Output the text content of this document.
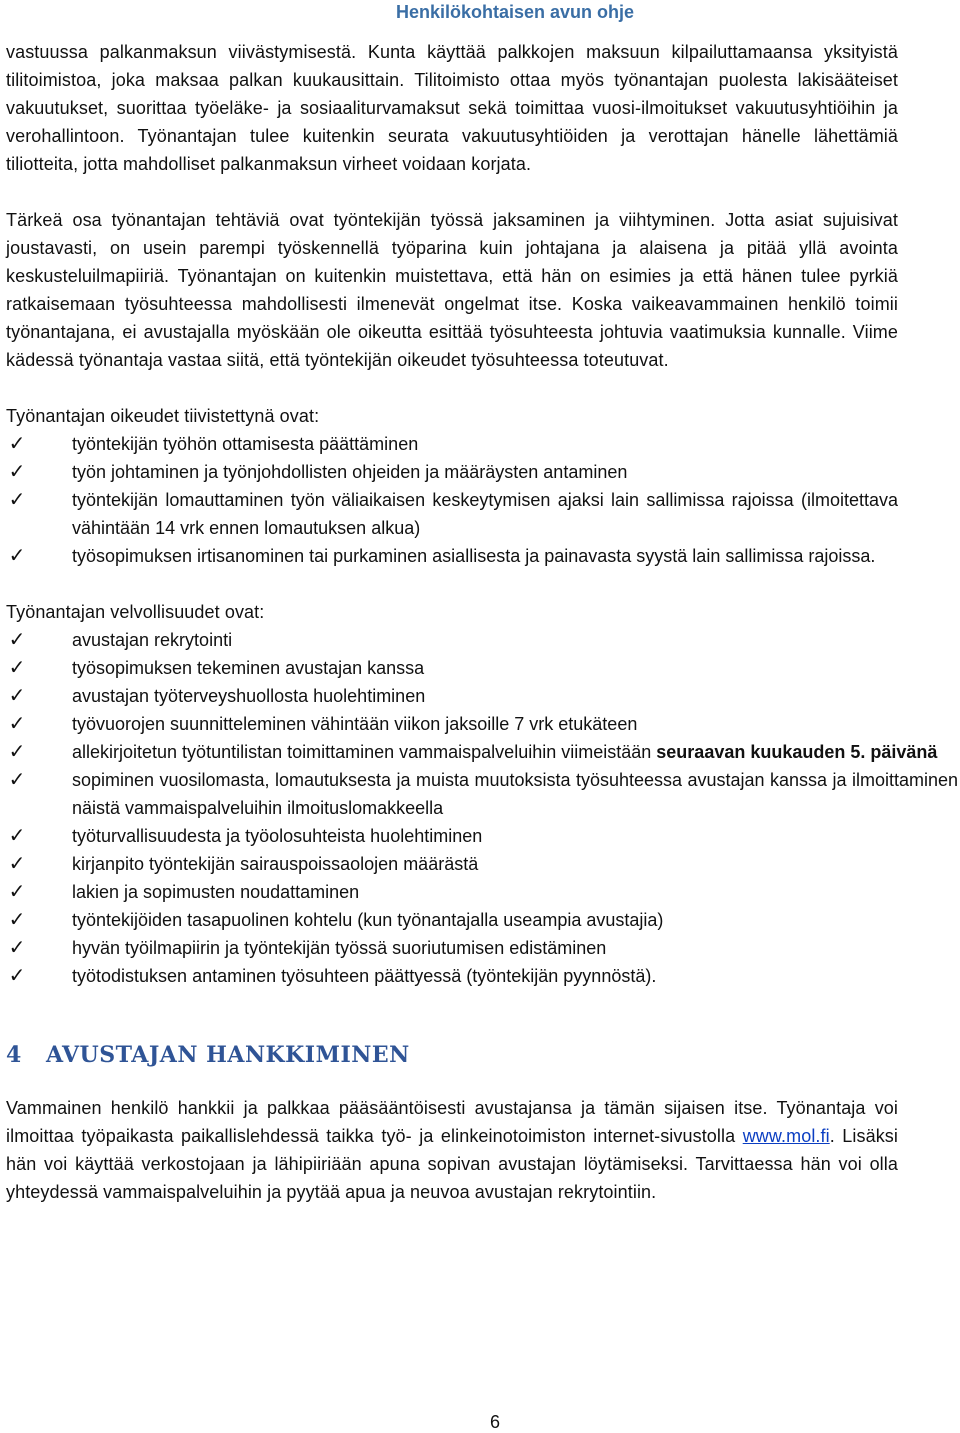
Henkilökohtaisen avun ohje

vastuussa palkanmaksun viivästymisestä. Kunta käyttää palkkojen maksuun kilpailuttamaansa yksityistä tilitoimistoa, joka maksaa palkan kuukausittain. Tilitoimisto ottaa myös työnantajan puolesta lakisääteiset vakuutukset, suorittaa työeläke- ja sosiaaliturvamaksut sekä toimittaa vuosi-ilmoitukset vakuutusyhtiöihin ja verohallintoon. Työnantajan tulee kuitenkin seurata vakuutusyhtiöiden ja verottajan hänelle lähettämiä tiliotteita, jotta mahdolliset palkanmaksun virheet voidaan korjata.

Tärkeä osa työnantajan tehtäviä ovat työntekijän työssä jaksaminen ja viihtyminen. Jotta asiat sujuisivat joustavasti, on usein parempi työskennellä työparina kuin johtajana ja alaisena ja pitää yllä avointa keskusteluilmapiiriä. Työnantajan on kuitenkin muistettava, että hän on esimies ja että hänen tulee pyrkiä ratkaisemaan työsuhteessa mahdollisesti ilmenevät ongelmat itse. Koska vaikeavammainen henkilö toimii työnantajana, ei avustajalla myöskään ole oikeutta esittää työsuhteesta johtuvia vaatimuksia kunnalle. Viime kädessä työnantaja vastaa siitä, että työntekijän oikeudet työsuhteessa toteutuvat.

Työnantajan oikeudet tiivistettynä ovat:

✓	työntekijän työhön ottamisesta päättäminen
✓	työn johtaminen ja työnjohdollisten ohjeiden ja määräysten antaminen
✓	työntekijän lomauttaminen työn väliaikaisen keskeytymisen ajaksi lain sallimissa rajoissa (ilmoitettava vähintään 14 vrk ennen lomautuksen alkua)
✓	työsopimuksen irtisanominen tai purkaminen asiallisesta ja painavasta syystä lain sallimissa rajoissa.

Työnantajan velvollisuudet ovat:

✓	avustajan rekrytointi
✓	työsopimuksen tekeminen avustajan kanssa
✓	avustajan työterveyshuollosta huolehtiminen
✓	työvuorojen suunnitteleminen vähintään viikon jaksoille 7 vrk etukäteen
✓	allekirjoitetun työtuntilistan toimittaminen vammaispalveluihin viimeistään seuraavan kuukauden 5. päivänä
✓	sopiminen vuosilomasta, lomautuksesta ja muista muutoksista työsuhteessa avustajan kanssa ja ilmoittaminen näistä vammaispalveluihin ilmoituslomakkeella
✓	työturvallisuudesta ja työolosuhteista huolehtiminen
✓	kirjanpito työntekijän sairauspoissaolojen määrästä
✓	lakien ja sopimusten noudattaminen
✓	työntekijöiden tasapuolinen kohtelu (kun työnantajalla useampia avustajia)
✓	hyvän työilmapiirin ja työntekijän työssä suoriutumisen edistäminen
✓	työtodistuksen antaminen työsuhteen päättyessä (työntekijän pyynnöstä).
4 AVUSTAJAN HANKKIMINEN

Vammainen henkilö hankkii ja palkkaa pääsääntöisesti avustajansa ja tämän sijaisen itse. Työnantaja voi ilmoittaa työpaikasta paikallislehdessä taikka työ- ja elinkeinotoimiston internet-sivustolla www.mol.fi. Lisäksi hän voi käyttää verkostojaan ja lähipiiriään apuna sopivan avustajan löytämiseksi. Tarvittaessa hän voi olla yhteydessä vammaispalveluihin ja pyytää apua ja neuvoa avustajan rekrytointiin.

6
